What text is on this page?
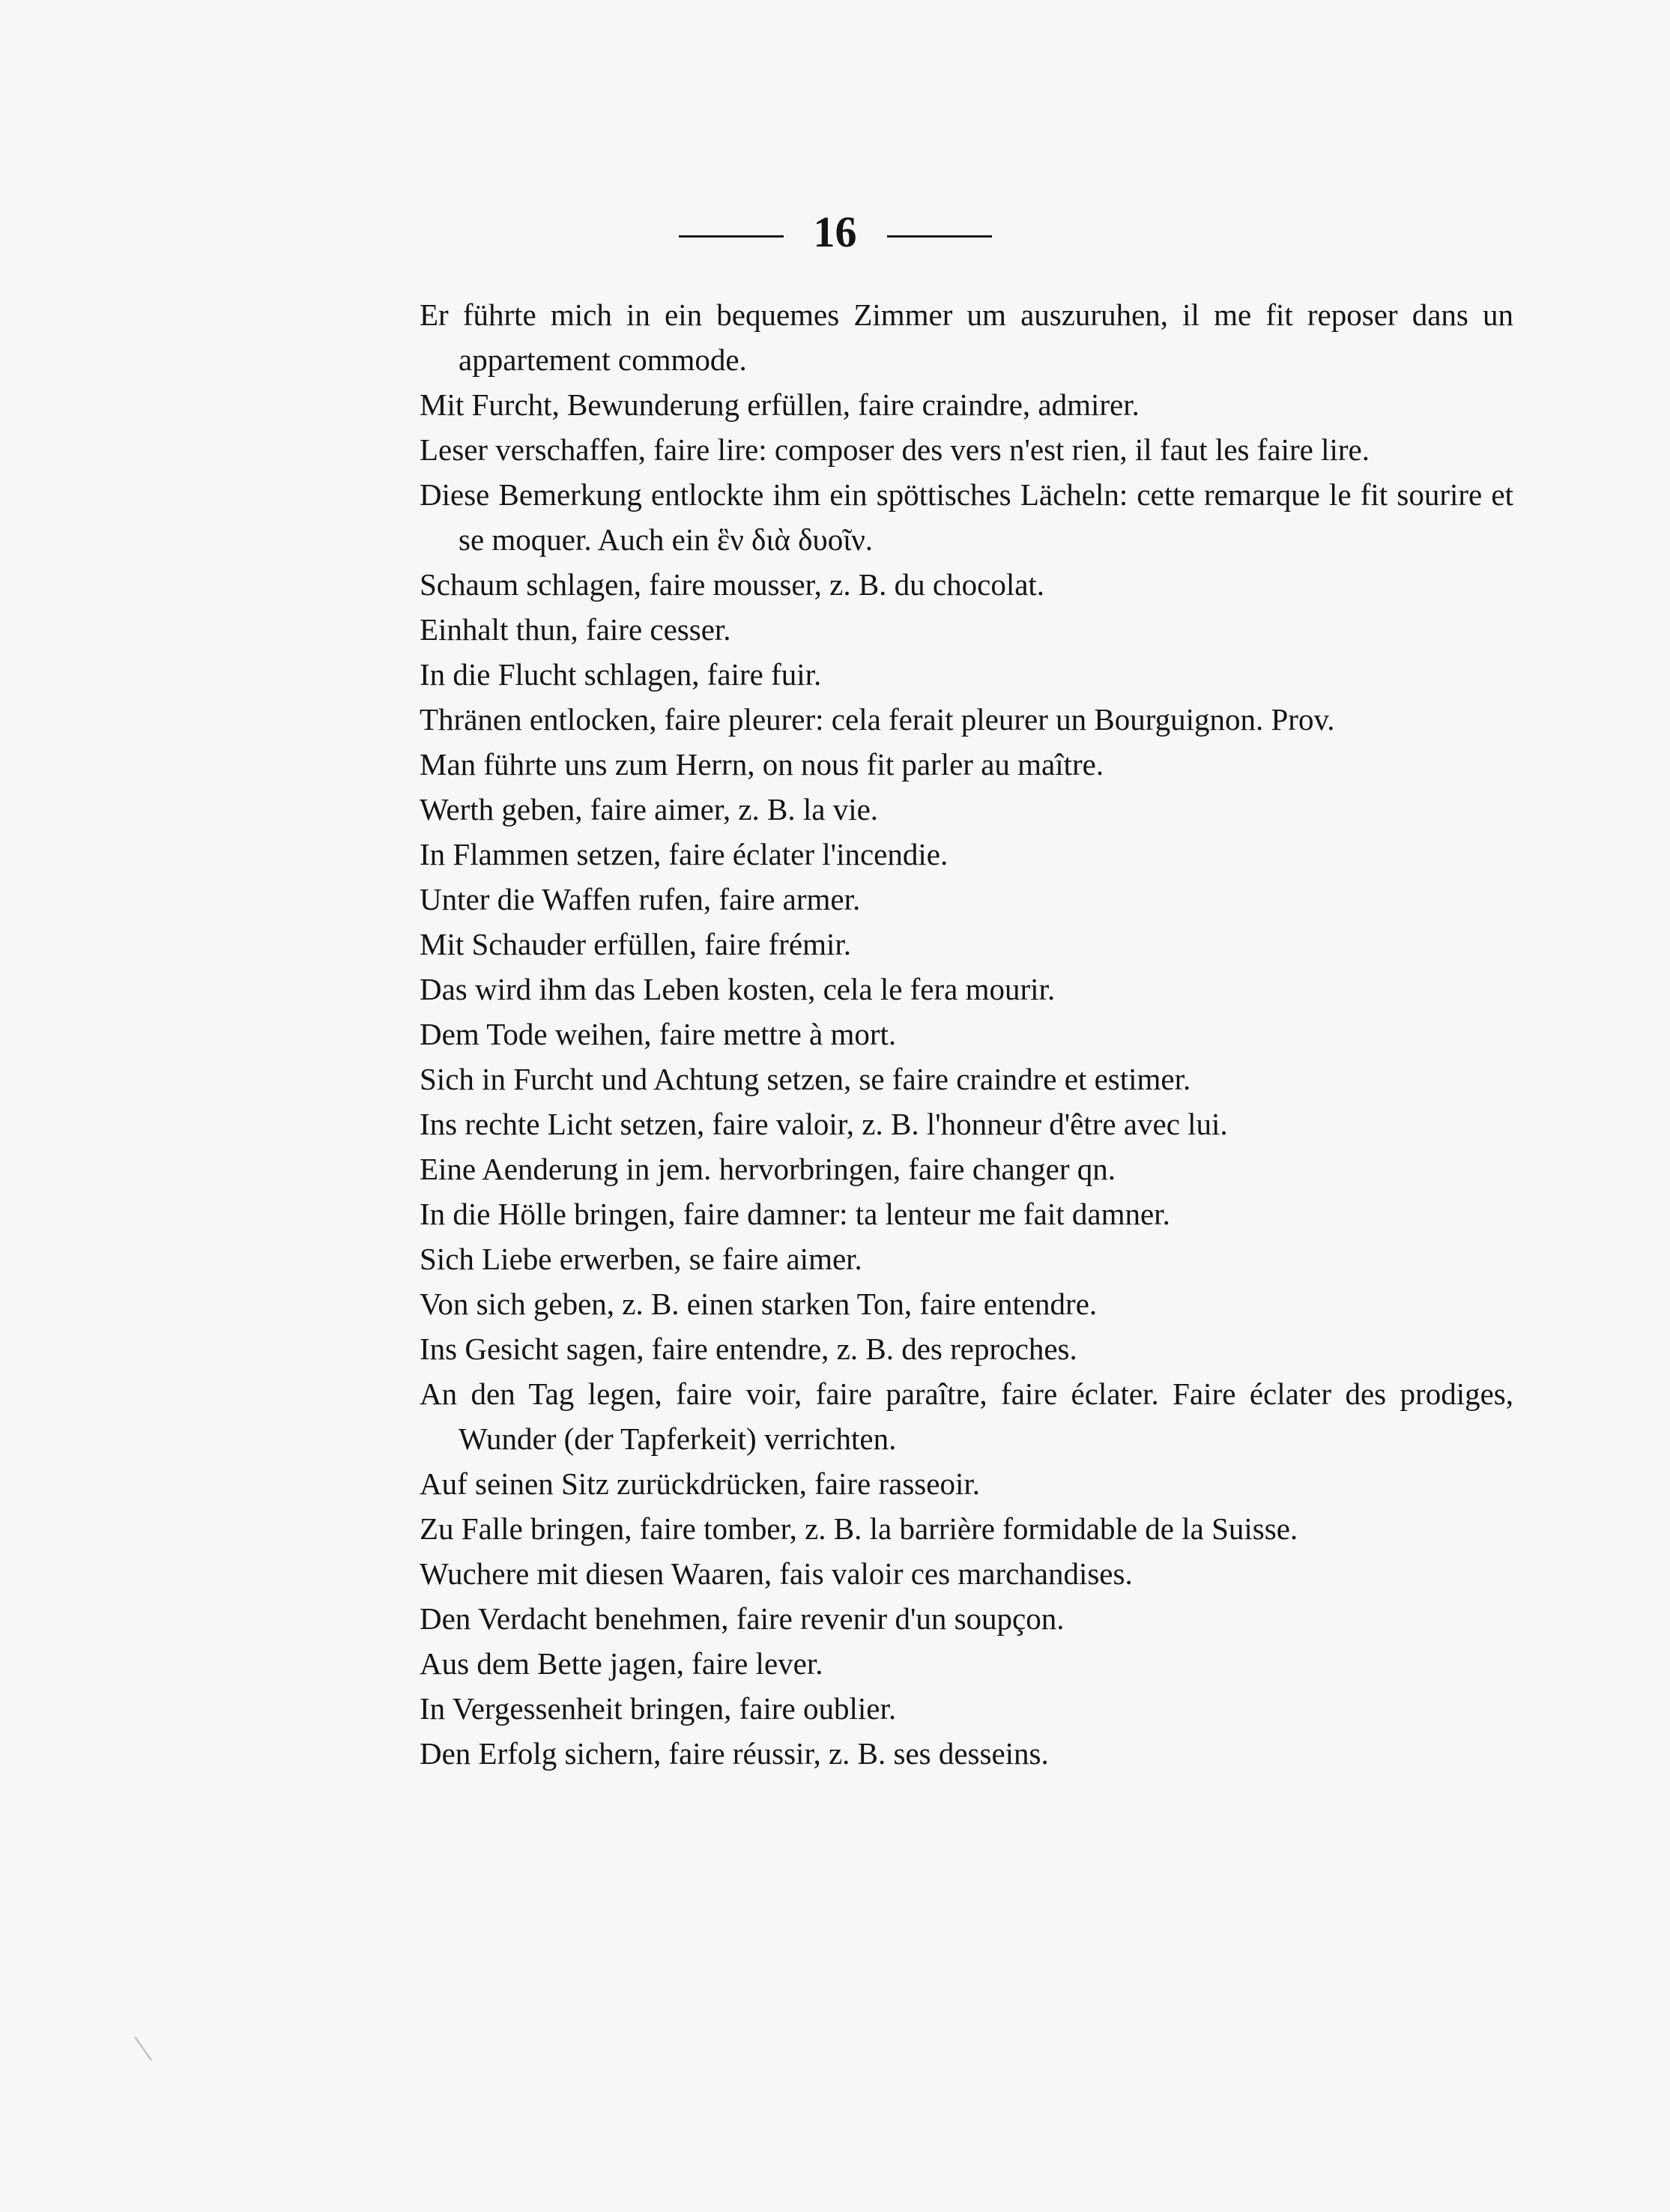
16
Er führte mich in ein bequemes Zimmer um auszuruhen, il me fit reposer dans un appartement commode.
Mit Furcht, Bewunderung erfüllen, faire craindre, admirer.
Leser verschaffen, faire lire: composer des vers n'est rien, il faut les faire lire.
Diese Bemerkung entlockte ihm ein spöttisches Lächeln: cette remarque le fit sourire et se moquer. Auch ein ἓν διὰ δυοῖν.
Schaum schlagen, faire mousser, z. B. du chocolat.
Einhalt thun, faire cesser.
In die Flucht schlagen, faire fuir.
Thränen entlocken, faire pleurer: cela ferait pleurer un Bourguignon. Prov.
Man führte uns zum Herrn, on nous fit parler au maître.
Werth geben, faire aimer, z. B. la vie.
In Flammen setzen, faire éclater l'incendie.
Unter die Waffen rufen, faire armer.
Mit Schauder erfüllen, faire frémir.
Das wird ihm das Leben kosten, cela le fera mourir.
Dem Tode weihen, faire mettre à mort.
Sich in Furcht und Achtung setzen, se faire craindre et estimer.
Ins rechte Licht setzen, faire valoir, z. B. l'honneur d'être avec lui.
Eine Aenderung in jem. hervorbringen, faire changer qn.
In die Hölle bringen, faire damner: ta lenteur me fait damner.
Sich Liebe erwerben, se faire aimer.
Von sich geben, z. B. einen starken Ton, faire entendre.
Ins Gesicht sagen, faire entendre, z. B. des reproches.
An den Tag legen, faire voir, faire paraître, faire éclater. Faire éclater des prodiges, Wunder (der Tapferkeit) verrichten.
Auf seinen Sitz zurückdrücken, faire rasseoir.
Zu Falle bringen, faire tomber, z. B. la barrière formidable de la Suisse.
Wuchere mit diesen Waaren, fais valoir ces marchandises.
Den Verdacht benehmen, faire revenir d'un soupçon.
Aus dem Bette jagen, faire lever.
In Vergessenheit bringen, faire oublier.
Den Erfolg sichern, faire réussir, z. B. ses desseins.
